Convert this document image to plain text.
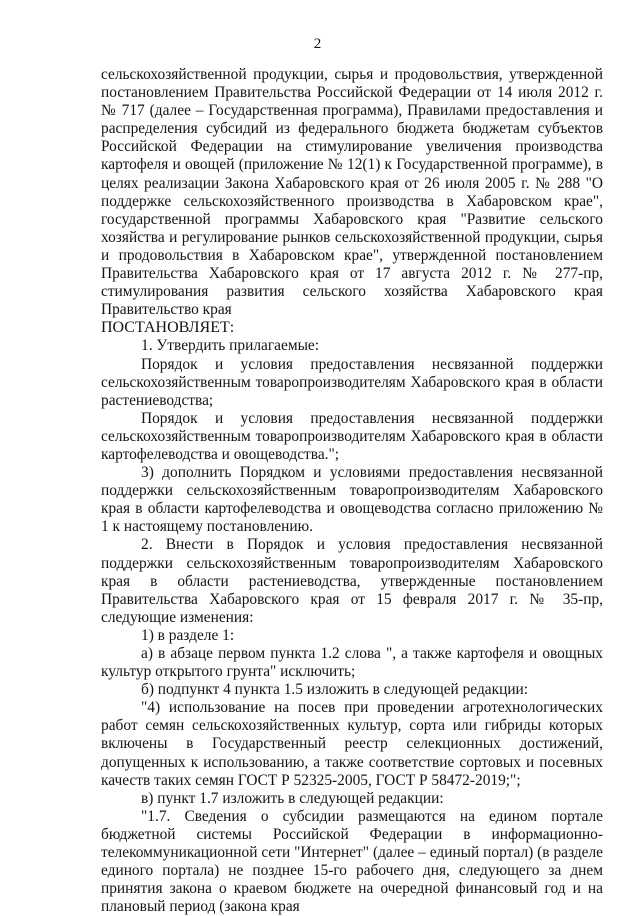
2

сельскохозяйственной продукции, сырья и продовольствия, утвержденной постановлением Правительства Российской Федерации от 14 июля 2012 г. № 717 (далее – Государственная программа), Правилами предоставления и распределения субсидий из федерального бюджета бюджетам субъектов Российской Федерации на стимулирование увеличения производства картофеля и овощей (приложение № 12(1) к Государственной программе), в целях реализации Закона Хабаровского края от 26 июля 2005 г. № 288 "О поддержке сельскохозяйственного производства в Хабаровском крае", государственной программы Хабаровского края "Развитие сельского хозяйства и регулирование рынков сельскохозяйственной продукции, сырья и продовольствия в Хабаровском крае", утвержденной постановлением Правительства Хабаровского края от 17 августа 2012 г. № 277-пр, стимулирования развития сельского хозяйства Хабаровского края Правительство края

ПОСТАНОВЛЯЕТ:

1. Утвердить прилагаемые:

Порядок и условия предоставления несвязанной поддержки сельскохозяйственным товаропроизводителям Хабаровского края в области растениеводства;

Порядок и условия предоставления несвязанной поддержки сельскохозяйственным товаропроизводителям Хабаровского края в области картофелеводства и овощеводства.";

3) дополнить Порядком и условиями предоставления несвязанной поддержки сельскохозяйственным товаропроизводителям Хабаровского края в области картофелеводства и овощеводства согласно приложению № 1 к настоящему постановлению.

2. Внести в Порядок и условия предоставления несвязанной поддержки сельскохозяйственным товаропроизводителям Хабаровского края в области растениеводства, утвержденные постановлением Правительства Хабаровского края от 15 февраля 2017 г. № 35-пр, следующие изменения:

1) в разделе 1:

а) в абзаце первом пункта 1.2 слова ", а также картофеля и овощных культур открытого грунта" исключить;

б) подпункт 4 пункта 1.5 изложить в следующей редакции:

"4) использование на посев при проведении агротехнологических работ семян сельскохозяйственных культур, сорта или гибриды которых включены в Государственный реестр селекционных достижений, допущенных к использованию, а также соответствие сортовых и посевных качеств таких семян ГОСТ Р 52325-2005, ГОСТ Р 58472-2019;";

в) пункт 1.7 изложить в следующей редакции:

"1.7. Сведения о субсидии размещаются на едином портале бюджетной системы Российской Федерации в информационно-телекоммуникационной сети "Интернет" (далее – единый портал) (в разделе единого портала) не позднее 15-го рабочего дня, следующего за днем принятия закона о краевом бюджете на очередной финансовый год и на плановый период (закона края
